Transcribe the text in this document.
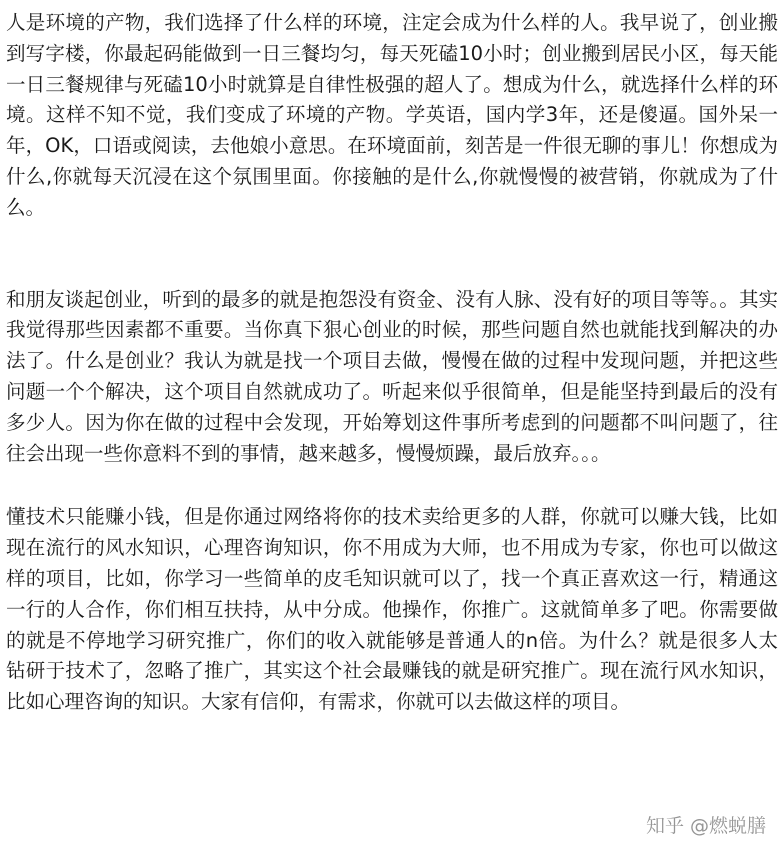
人是环境的产物，我们选择了什么样的环境，注定会成为什么样的人。我早说了，创业搬到写字楼，你最起码能做到一日三餐均匀，每天死磕10小时；创业搬到居民小区，每天能一日三餐规律与死磕10小时就算是自律性极强的超人了。想成为什么，就选择什么样的环境。这样不知不觉，我们变成了环境的产物。学英语，国内学3年，还是傻逼。国外呆一年，OK，口语或阅读，去他娘小意思。在环境面前，刻苦是一件很无聊的事儿！你想成为什么,你就每天沉浸在这个氛围里面。你接触的是什么,你就慢慢的被营销，你就成为了什么。

和朋友谈起创业，听到的最多的就是抱怨没有资金、没有人脉、没有好的项目等等。。其实我觉得那些因素都不重要。当你真下狠心创业的时候，那些问题自然也就能找到解决的办法了。什么是创业？我认为就是找一个项目去做，慢慢在做的过程中发现问题，并把这些问题一个个解决，这个项目自然就成功了。听起来似乎很简单，但是能坚持到最后的没有多少人。因为你在做的过程中会发现，开始筹划这件事所考虑到的问题都不叫问题了，往往会出现一些你意料不到的事情，越来越多，慢慢烦躁，最后放弃。。。

懂技术只能赚小钱，但是你通过网络将你的技术卖给更多的人群，你就可以赚大钱，比如现在流行的风水知识，心理咨询知识，你不用成为大师，也不用成为专家，你也可以做这样的项目，比如，你学习一些简单的皮毛知识就可以了，找一个真正喜欢这一行，精通这一行的人合作，你们相互扶持，从中分成。他操作，你推广。这就简单多了吧。你需要做的就是不停地学习研究推广，你们的收入就能够是普通人的n倍。为什么？就是很多人太钻研于技术了，忽略了推广，其实这个社会最赚钱的就是研究推广。现在流行风水知识，比如心理咨询的知识。大家有信仰，有需求，你就可以去做这样的项目。

知乎 @燃蜕膳
